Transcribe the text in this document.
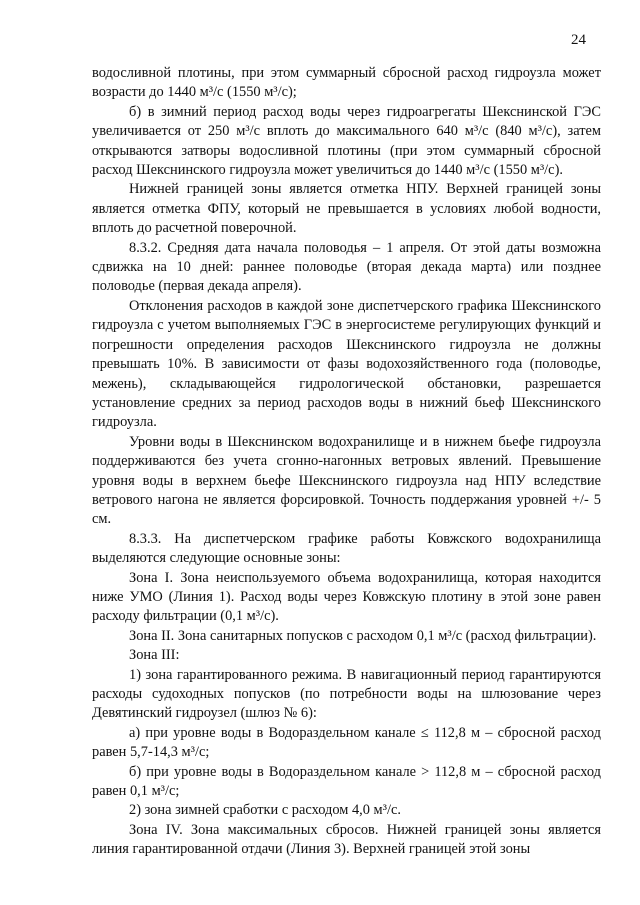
24

водосливной плотины, при этом суммарный сбросной расход гидроузла может возрасти до 1440 м³/с (1550 м³/с);

б) в зимний период расход воды через гидроагрегаты Шекснинской ГЭС увеличивается от 250 м³/с вплоть до максимального 640 м³/с (840 м³/с), затем открываются затворы водосливной плотины (при этом суммарный сбросной расход Шекснинского гидроузла может увеличиться до 1440 м³/с (1550 м³/с).

Нижней границей зоны является отметка НПУ. Верхней границей зоны является отметка ФПУ, который не превышается в условиях любой водности, вплоть до расчетной поверочной.

8.3.2. Средняя дата начала половодья – 1 апреля. От этой даты возможна сдвижка на 10 дней: раннее половодье (вторая декада марта) или позднее половодье (первая декада апреля).

Отклонения расходов в каждой зоне диспетчерского графика Шекснинского гидроузла с учетом выполняемых ГЭС в энергосистеме регулирующих функций и погрешности определения расходов Шекснинского гидроузла не должны превышать 10%. В зависимости от фазы водохозяйственного года (половодье, межень), складывающейся гидрологической обстановки, разрешается установление средних за период расходов воды в нижний бьеф Шекснинского гидроузла.

Уровни воды в Шекснинском водохранилище и в нижнем бьефе гидроузла поддерживаются без учета сгонно-нагонных ветровых явлений. Превышение уровня воды в верхнем бьефе Шекснинского гидроузла над НПУ вследствие ветрового нагона не является форсировкой. Точность поддержания уровней +/- 5 см.

8.3.3. На диспетчерском графике работы Ковжского водохранилища выделяются следующие основные зоны:

Зона I. Зона неиспользуемого объема водохранилища, которая находится ниже УМО (Линия 1). Расход воды через Ковжскую плотину в этой зоне равен расходу фильтрации (0,1 м³/с).

Зона II. Зона санитарных попусков с расходом 0,1 м³/с (расход фильтрации).

Зона III:

1) зона гарантированного режима. В навигационный период гарантируются расходы судоходных попусков (по потребности воды на шлюзование через Девятинский гидроузел (шлюз № 6):

а) при уровне воды в Водораздельном канале ≤ 112,8 м – сбросной расход равен 5,7-14,3 м³/с;

б) при уровне воды в Водораздельном канале > 112,8 м – сбросной расход равен 0,1 м³/с;

2) зона зимней сработки с расходом 4,0 м³/с.

Зона IV. Зона максимальных сбросов. Нижней границей зоны является линия гарантированной отдачи (Линия 3). Верхней границей этой зоны
